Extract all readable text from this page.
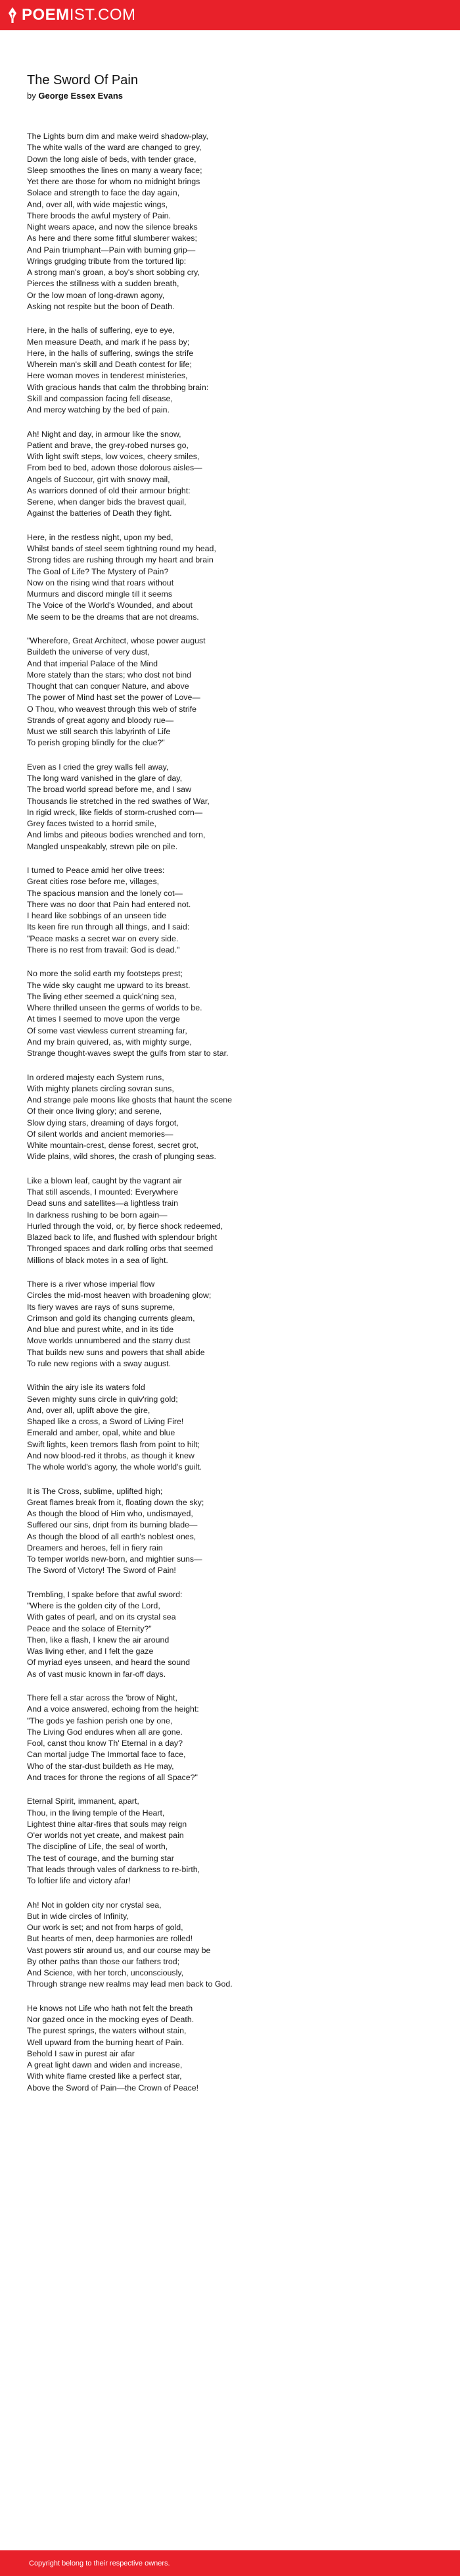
POEMIST.COM
The Sword Of Pain

by George Essex Evans

The Lights burn dim and make weird shadow-play,
The white walls of the ward are changed to grey,
Down the long aisle of beds, with tender grace,
Sleep smoothes the lines on many a weary face;
Yet there are those for whom no midnight brings
Solace and strength to face the day again,
And, over all, with wide majestic wings,
There broods the awful mystery of Pain.
Night wears apace, and now the silence breaks
As here and there some fitful slumberer wakes;
And Pain triumphant—Pain with burning grip—
Wrings grudging tribute from the tortured lip:
A strong man's groan, a boy's short sobbing cry,
Pierces the stillness with a sudden breath,
Or the low moan of long-drawn agony,
Asking not respite but the boon of Death.
Here, in the halls of suffering, eye to eye,
Men measure Death, and mark if he pass by;
Here, in the halls of suffering, swings the strife
Wherein man's skill and Death contest for life;
Here woman moves in tenderest ministeries,
With gracious hands that calm the throbbing brain:
Skill and compassion facing fell disease,
And mercy watching by the bed of pain.
Ah! Night and day, in armour like the snow,
Patient and brave, the grey-robed nurses go,
With light swift steps, low voices, cheery smiles,
From bed to bed, adown those dolorous aisles—
Angels of Succour, girt with snowy mail,
As warriors donned of old their armour bright:
Serene, when danger bids the bravest quail,
Against the batteries of Death they fight.
Here, in the restless night, upon my bed,
Whilst bands of steel seem tightning round my head,
Strong tides are rushing through my heart and brain
The Goal of Life? The Mystery of Pain?
Now on the rising wind that roars without
Murmurs and discord mingle till it seems
The Voice of the World's Wounded, and about
Me seem to be the dreams that are not dreams.
"Wherefore, Great Architect, whose power august
Buildeth the universe of very dust,
And that imperial Palace of the Mind
More stately than the stars; who dost not bind
Thought that can conquer Nature, and above
The power of Mind hast set the power of Love—
O Thou, who weavest through this web of strife
Strands of great agony and bloody rue—
Must we still search this labyrinth of Life
To perish groping blindly for the clue?"
Even as I cried the grey walls fell away,
The long ward vanished in the glare of day,
The broad world spread before me, and I saw
Thousands lie stretched in the red swathes of War,
In rigid wreck, like fields of storm-crushed corn—
Grey faces twisted to a horrid smile,
And limbs and piteous bodies wrenched and torn,
Mangled unspeakably, strewn pile on pile.
I turned to Peace amid her olive trees:
Great cities rose before me, villages,
The spacious mansion and the lonely cot—
There was no door that Pain had entered not.
I heard like sobbings of an unseen tide
Its keen fire run through all things, and I said:
"Peace masks a secret war on every side.
There is no rest from travail: God is dead."
No more the solid earth my footsteps prest;
The wide sky caught me upward to its breast.
The living ether seemed a quick'ning sea,
Where thrilled unseen the germs of worlds to be.
At times I seemed to move upon the verge
Of some vast viewless current streaming far,
And my brain quivered, as, with mighty surge,
Strange thought-waves swept the gulfs from star to star.
In ordered majesty each System runs,
With mighty planets circling sovran suns,
And strange pale moons like ghosts that haunt the scene
Of their once living glory; and serene,
Slow dying stars, dreaming of days forgot,
Of silent worlds and ancient memories—
White mountain-crest, dense forest, secret grot,
Wide plains, wild shores, the crash of plunging seas.
Like a blown leaf, caught by the vagrant air
That still ascends, I mounted: Everywhere
Dead suns and satellites—a lightless train
In darkness rushing to be born again—
Hurled through the void, or, by fierce shock redeemed,
Blazed back to life, and flushed with splendour bright
Thronged spaces and dark rolling orbs that seemed
Millions of black motes in a sea of light.
There is a river whose imperial flow
Circles the mid-most heaven with broadening glow;
Its fiery waves are rays of suns supreme,
Crimson and gold its changing currents gleam,
And blue and purest white, and in its tide
Move worlds unnumbered and the starry dust
That builds new suns and powers that shall abide
To rule new regions with a sway august.
Within the airy isle its waters fold
Seven mighty suns circle in quiv'ring gold;
And, over all, uplift above the gire,
Shaped like a cross, a Sword of Living Fire!
Emerald and amber, opal, white and blue
Swift lights, keen tremors flash from point to hilt;
And now blood-red it throbs, as though it knew
The whole world's agony, the whole world's guilt.
It is The Cross, sublime, uplifted high;
Great flames break from it, floating down the sky;
As though the blood of Him who, undismayed,
Suffered our sins, dript from its burning blade—
As though the blood of all earth's noblest ones,
Dreamers and heroes, fell in fiery rain
To temper worlds new-born, and mightier suns—
The Sword of Victory! The Sword of Pain!
Trembling, I spake before that awful sword:
"Where is the golden city of the Lord,
With gates of pearl, and on its crystal sea
Peace and the solace of Eternity?"
Then, like a flash, I knew the air around
Was living ether, and I felt the gaze
Of myriad eyes unseen, and heard the sound
As of vast music known in far-off days.
There fell a star across the 'brow of Night,
And a voice answered, echoing from the height:
"The gods ye fashion perish one by one,
The Living God endures when all are gone.
Fool, canst thou know Th' Eternal in a day?
Can mortal judge The Immortal face to face,
Who of the star-dust buildeth as He may,
And traces for throne the regions of all Space?"
Eternal Spirit, immanent, apart,
Thou, in the living temple of the Heart,
Lightest thine altar-fires that souls may reign
O'er worlds not yet create, and makest pain
The discipline of Life, the seal of worth,
The test of courage, and the burning star
That leads through vales of darkness to re-birth,
To loftier life and victory afar!
Ah! Not in golden city nor crystal sea,
But in wide circles of Infinity,
Our work is set; and not from harps of gold,
But hearts of men, deep harmonies are rolled!
Vast powers stir around us, and our course may be
By other paths than those our fathers trod;
And Science, with her torch, unconsciously,
Through strange new realms may lead men back to God.
He knows not Life who hath not felt the breath
Nor gazed once in the mocking eyes of Death.
The purest springs, the waters without stain,
Well upward from the burning heart of Pain.
Behold I saw in purest air afar
A great light dawn and widen and increase,
With white flame crested like a perfect star,
Above the Sword of Pain—the Crown of Peace!
Copyright belong to their respective owners.
